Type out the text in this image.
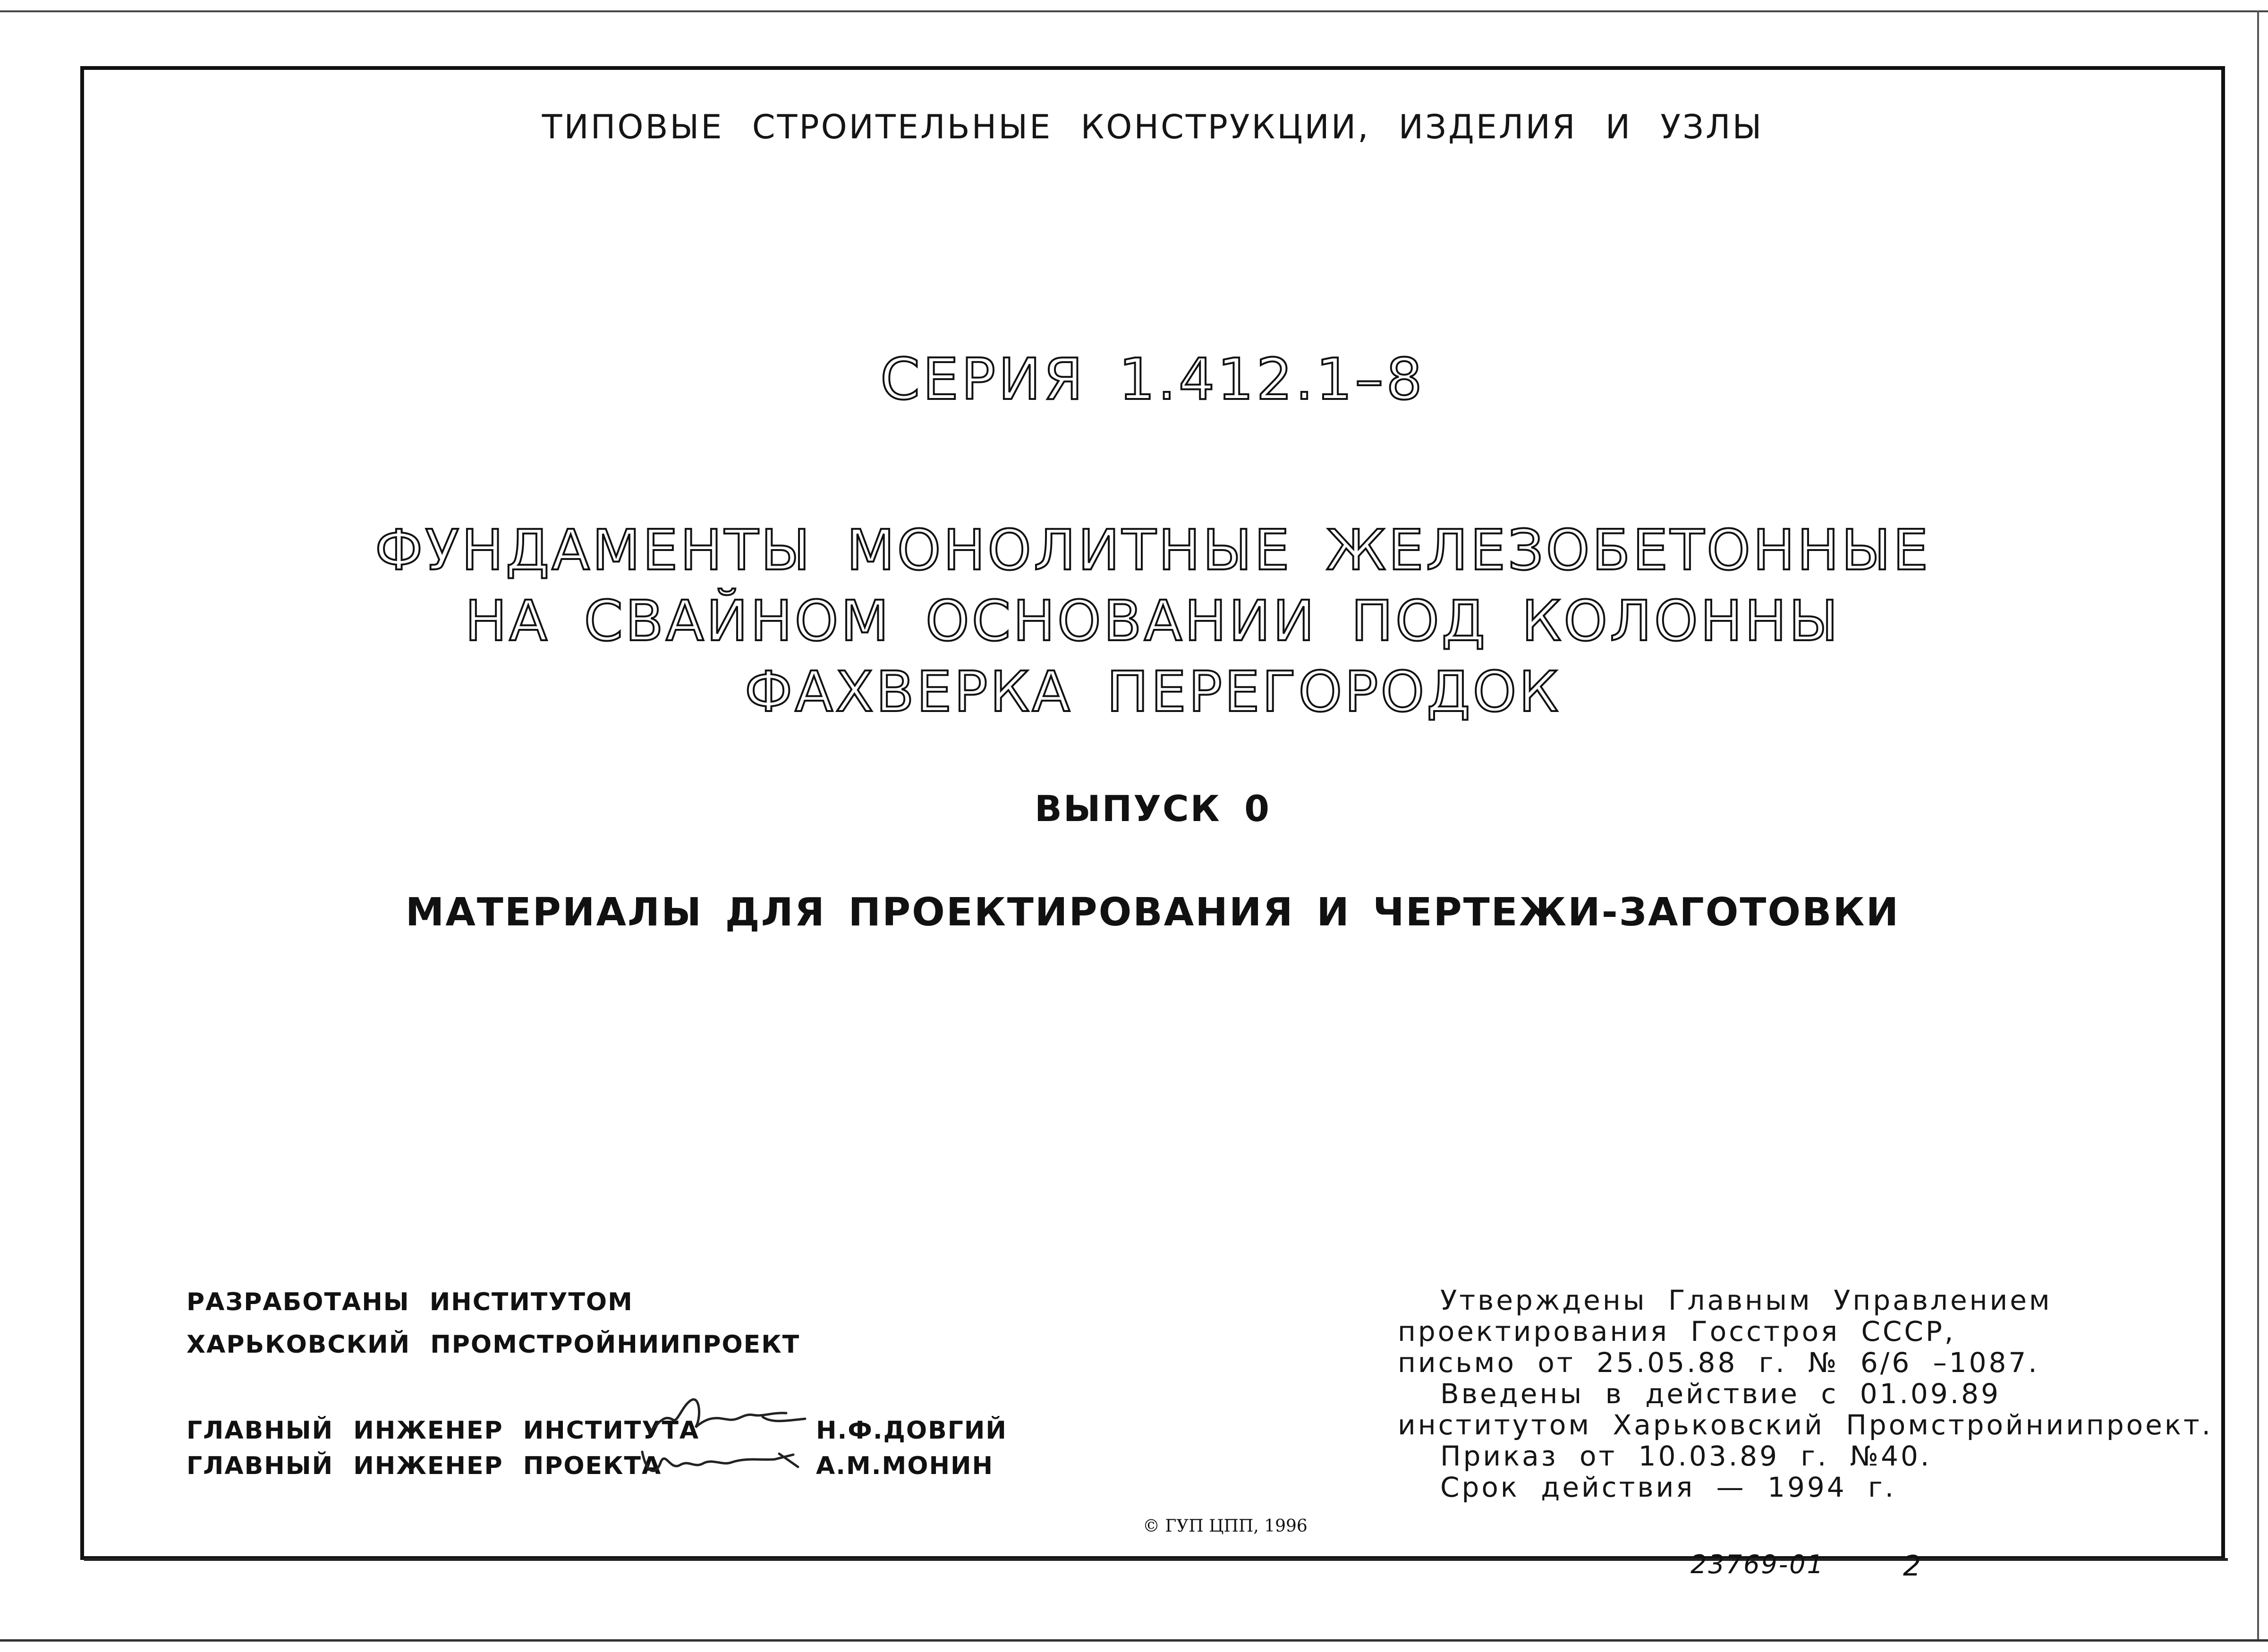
ТИПОВЫЕ СТРОИТЕЛЬНЫЕ КОНСТРУКЦИИ, ИЗДЕЛИЯ И УЗЛЫ
СЕРИЯ 1.412.1–8
ФУНДАМЕНТЫ МОНОЛИТНЫЕ ЖЕЛЕЗОБЕТОННЫЕ
НА СВАЙНОМ ОСНОВАНИИ ПОД КОЛОННЫ
ФАХВЕРКА ПЕРЕГОРОДОК
ВЫПУСК 0
МАТЕРИАЛЫ ДЛЯ ПРОЕКТИРОВАНИЯ И ЧЕРТЕЖИ-ЗАГОТОВКИ
РАЗРАБОТАНЫ ИНСТИТУТОМ
ХАРЬКОВСКИЙ ПРОМСТРОЙНИИПРОЕКТ
ГЛАВНЫЙ ИНЖЕНЕР ИНСТИТУТА	Н.Ф.ДОВГИЙ
ГЛАВНЫЙ ИНЖЕНЕР ПРОЕКТА	А.М.МОНИН
Утверждены Главным Управлением
проектирования Госстроя СССР,
письмо от 25.05.88 г. № 6/6 –1087.
Введены в действие с 01.09.89
институтом Харьковский Промстройниипроект.
Приказ от 10.03.89 г. №40.
Срок действия — 1994 г.
© ГУП ЦПП, 1996
23769-01	2
